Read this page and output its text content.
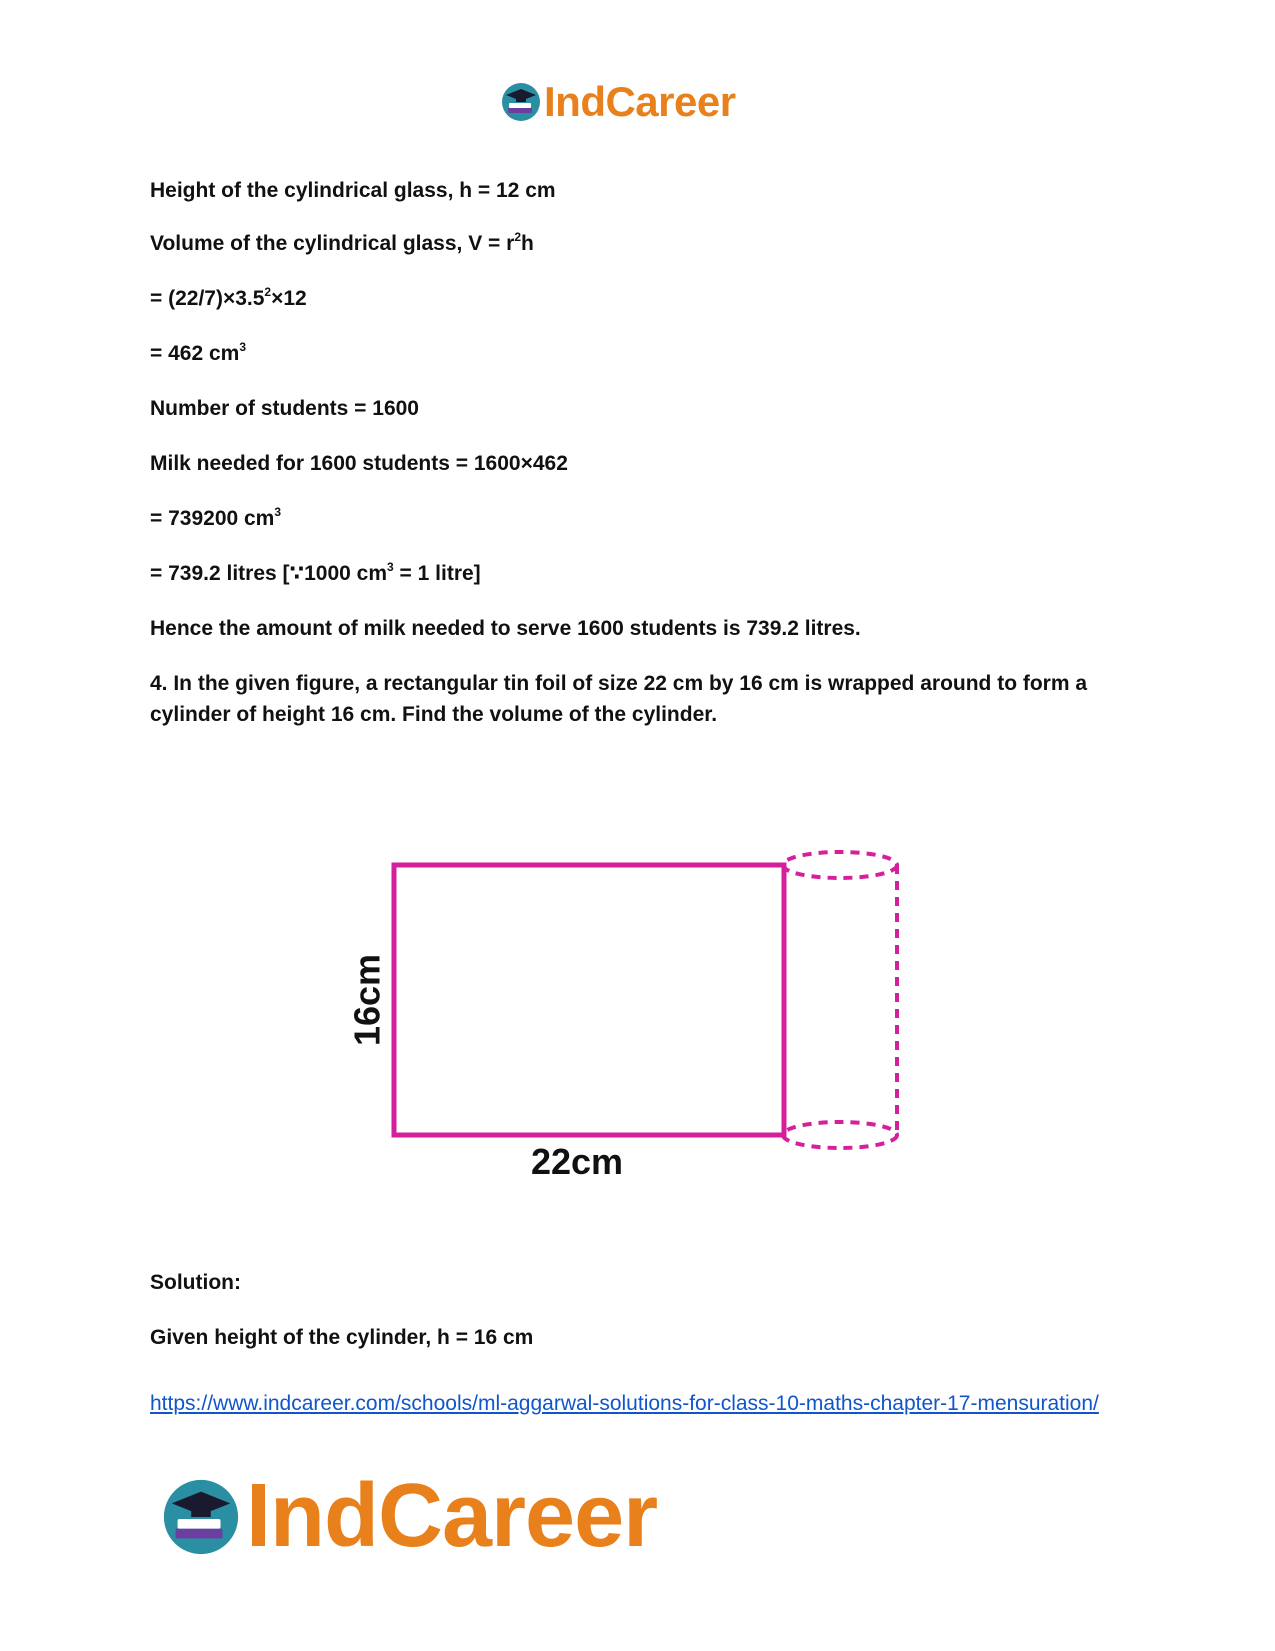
IndCareer

Height of the cylindrical glass, h = 12 cm

Volume of the cylindrical glass, $V = r^2h$

= $(22/7)\times 3.5^2\times 12$

= 462 $cm^3$

Number of students = 1600

Milk needed for 1600 students = 1600×462

= 739200 $cm^3$

= 739.2 litres [∵1000 $cm^3 = 1$ litre]

Hence the amount of milk needed to serve 1600 students is 739.2 litres.

4. In the given figure, a rectangular tin foil of size 22 cm by 16 cm is wrapped around to form a cylinder of height 16 cm. Find the volume of the cylinder.

16cm
22cm

Solution:

Given height of the cylinder, h = 16 cm

https://www.indcareer.com/schools/ml-aggarwal-solutions-for-class-10-maths-chapter-17-mensuration/
IndCareer
